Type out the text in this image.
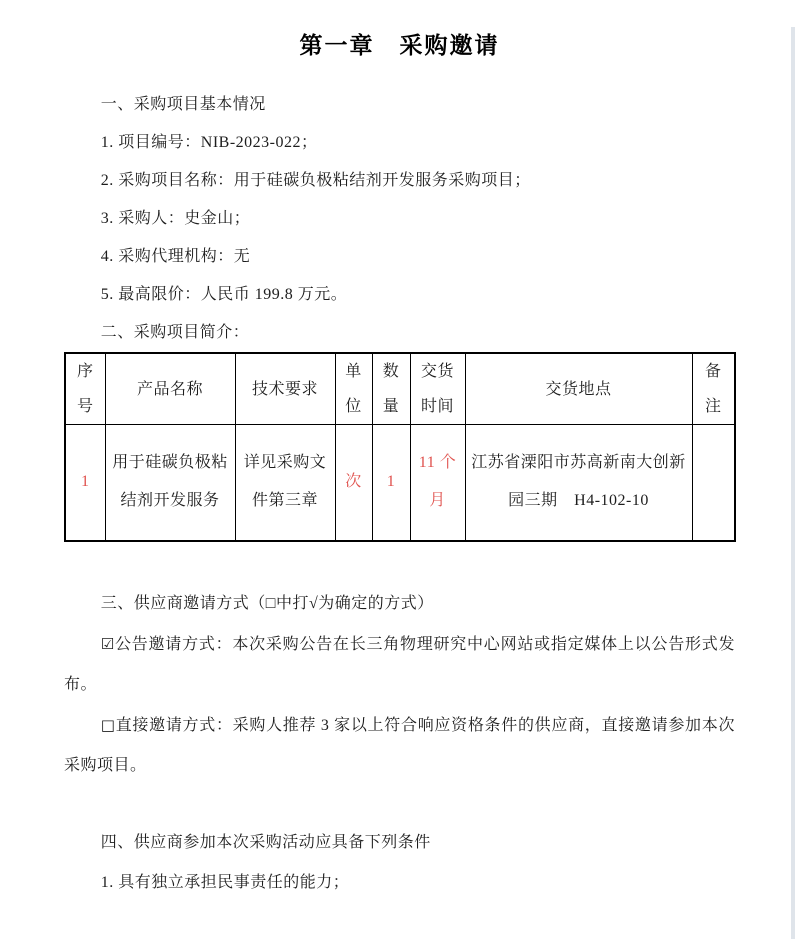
第一章　采购邀请

一、采购项目基本情况

1. 项目编号：NIB-2023-022；

2. 采购项目名称：用于硅碳负极粘结剂开发服务采购项目；

3. 采购人：史金山；

4. 采购代理机构：无

5. 最高限价：人民币 199.8 万元。

二、采购项目简介：

序号	产品名称	技术要求	单位	数量	交货时间	交货地点	备注
1	用于硅碳负极粘结剂开发服务	详见采购文件第三章	次	1	11 个月	江苏省溧阳市苏高新南大创新园三期　H4-102-10	

三、供应商邀请方式（□中打√为确定的方式）

☑公告邀请方式：本次采购公告在长三角物理研究中心网站或指定媒体上以公告形式发布。

□直接邀请方式：采购人推荐 3 家以上符合响应资格条件的供应商，直接邀请参加本次采购项目。

四、供应商参加本次采购活动应具备下列条件

1. 具有独立承担民事责任的能力；
